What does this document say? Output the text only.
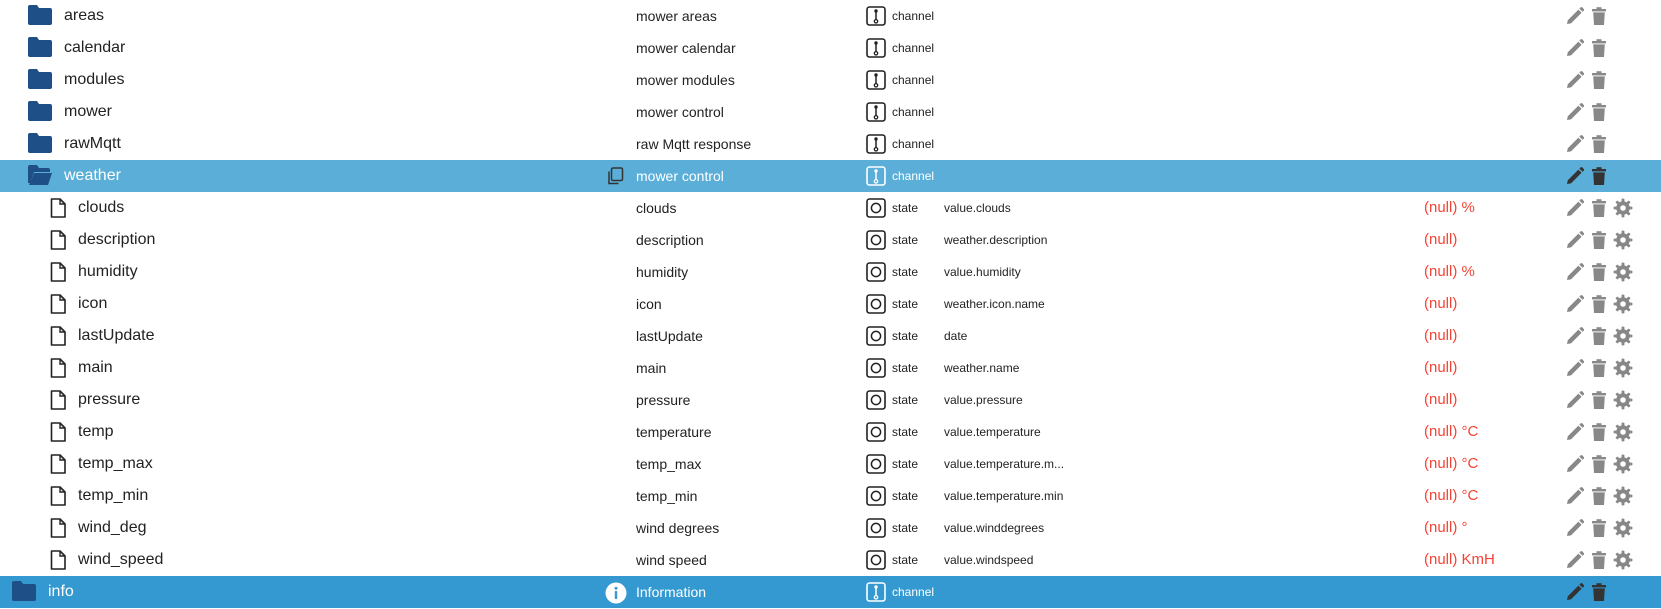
areas	mower areas	channel
calendar	mower calendar	channel
modules	mower modules	channel
mower	mower control	channel
rawMqtt	raw Mqtt response	channel
weather	mower control	channel
clouds	clouds	state value.clouds	(null) %
description	description	state weather.description	(null)
humidity	humidity	state value.humidity	(null) %
icon	icon	state weather.icon.name	(null)
lastUpdate	lastUpdate	state date	(null)
main	main	state weather.name	(null)
pressure	pressure	state value.pressure	(null)
temp	temperature	state value.temperature	(null) °C
temp_max	temp_max	state value.temperature.m...	(null) °C
temp_min	temp_min	state value.temperature.min	(null) °C
wind_deg	wind degrees	state value.winddegrees	(null) °
wind_speed	wind speed	state value.windspeed	(null) KmH
info	Information	channel
